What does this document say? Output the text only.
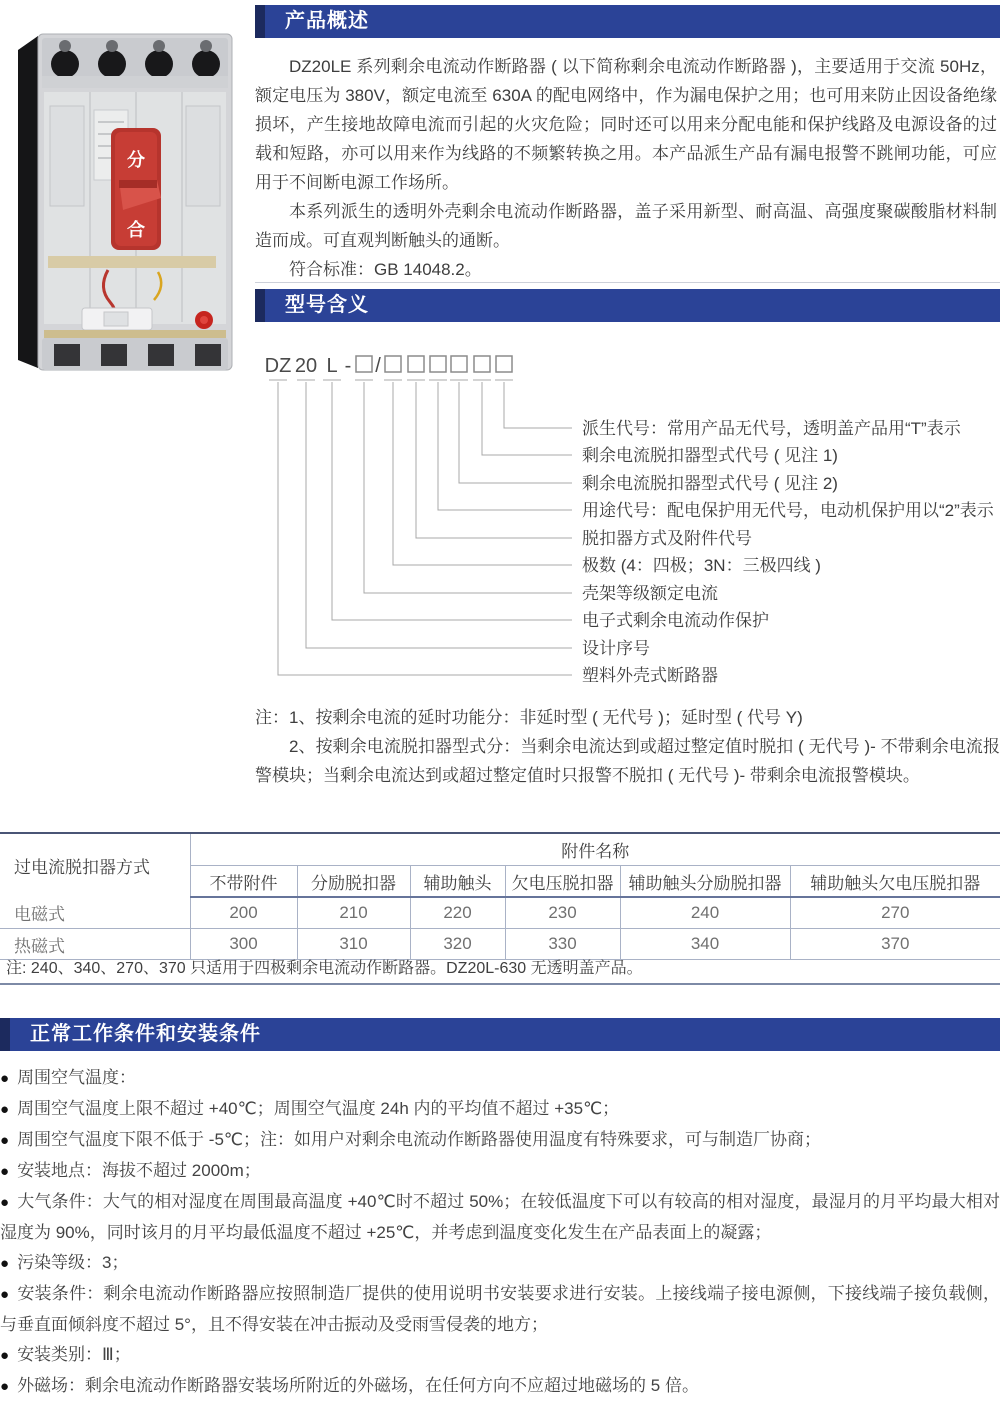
分
合
产品概述

DZ20LE 系列剩余电流动作断路器 ( 以下简称剩余电流动作断路器 )，主要适用于交流 50Hz，额定电压为 380V，额定电流至 630A 的配电网络中，作为漏电保护之用；也可用来防止因设备绝缘损坏，产生接地故障电流而引起的火灾危险；同时还可以用来分配电能和保护线路及电源设备的过载和短路，亦可以用来作为线路的不频繁转换之用。本产品派生产品有漏电报警不跳闸功能，可应用于不间断电源工作场所。

本系列派生的透明外壳剩余电流动作断路器，盖子采用新型、耐高温、高强度聚碳酸脂材料制造而成。可直观判断触头的通断。

符合标准：GB 14048.2。

型号含义
DZ 20 L - /
派生代号：常用产品无代号，透明盖产品用“T”表示
剩余电流脱扣器型式代号 ( 见注 1)
剩余电流脱扣器型式代号 ( 见注 2)
用途代号：配电保护用无代号，电动机保护用以“2”表示
脱扣器方式及附件代号
极数 (4：四极；3N：三极四线 )
壳架等级额定电流
电子式剩余电流动作保护
设计序号
塑料外壳式断路器
注：1、按剩余电流的延时功能分：非延时型 ( 无代号 )；延时型 ( 代号 Y)
2、按剩余电流脱扣器型式分：当剩余电流达到或超过整定值时脱扣 ( 无代号 )- 不带剩余电流报警模块；当剩余电流达到或超过整定值时只报警不脱扣 ( 无代号 )- 带剩余电流报警模块。
过电流脱扣器方式	附件名称					
	不带附件	分励脱扣器	辅助触头	欠电压脱扣器	辅助触头分励脱扣器	辅助触头欠电压脱扣器
电磁式	200	210	220	230	240	270
热磁式	300	310	320	330	340	370
注: 240、340、270、370 只适用于四极剩余电流动作断路器。DZ20L-630 无透明盖产品。
正常工作条件和安装条件
● 周围空气温度：
● 周围空气温度上限不超过 +40℃；周围空气温度 24h 内的平均值不超过 +35℃；
● 周围空气温度下限不低于 -5℃；注：如用户对剩余电流动作断路器使用温度有特殊要求，可与制造厂协商；
● 安装地点：海拔不超过 2000m；
● 大气条件：大气的相对湿度在周围最高温度 +40℃时不超过 50%；在较低温度下可以有较高的相对湿度，最湿月的月平均最大相对湿度为 90%，同时该月的月平均最低温度不超过 +25℃，并考虑到温度变化发生在产品表面上的凝露；
● 污染等级：3；
● 安装条件：剩余电流动作断路器应按照制造厂提供的使用说明书安装要求进行安装。上接线端子接电源侧，下接线端子接负载侧，与垂直面倾斜度不超过 5°，且不得安装在冲击振动及受雨雪侵袭的地方；
● 安装类别：Ⅲ；
● 外磁场：剩余电流动作断路器安装场所附近的外磁场，在任何方向不应超过地磁场的 5 倍。
